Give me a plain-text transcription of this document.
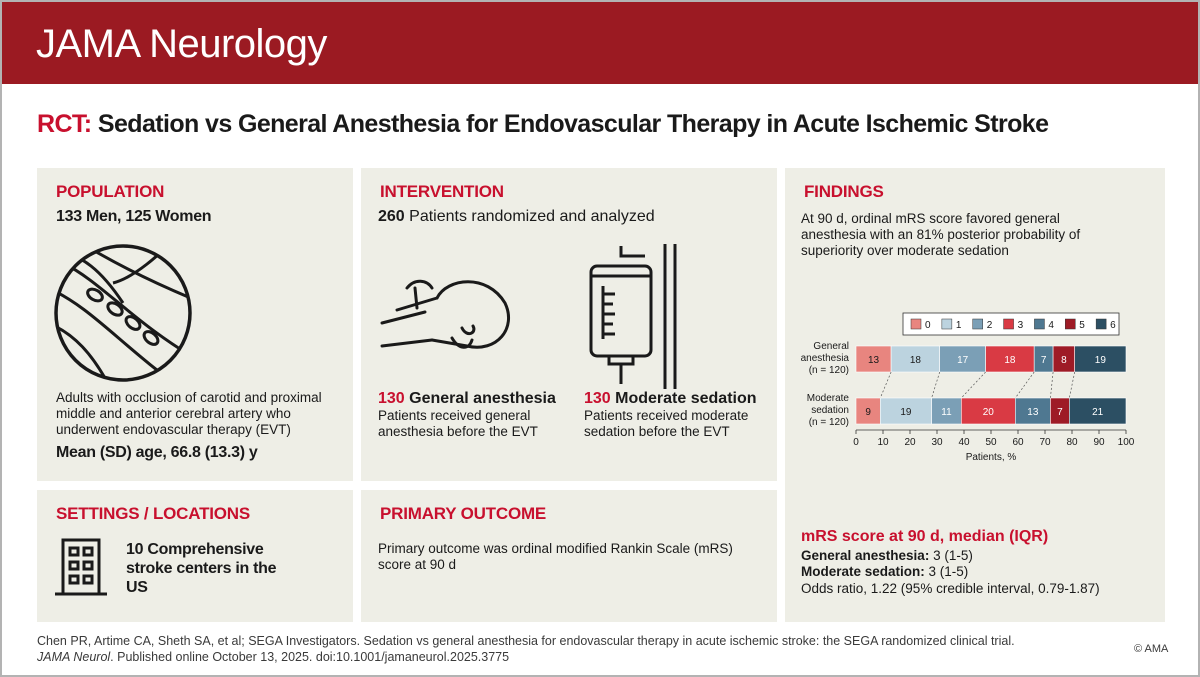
JAMA Neurology
RCT: Sedation vs General Anesthesia for Endovascular Therapy in Acute Ischemic Stroke
POPULATION
133 Men, 125 Women
Adults with occlusion of carotid and proximal middle and anterior cerebral artery who underwent endovascular therapy (EVT)
Mean (SD) age, 66.8 (13.3) y
INTERVENTION
260 Patients randomized and analyzed
130 General anesthesia
Patients received general anesthesia before the EVT
130 Moderate sedation
Patients received moderate sedation before the EVT
SETTINGS / LOCATIONS
10 Comprehensive stroke centers in the US
PRIMARY OUTCOME
Primary outcome was ordinal modified Rankin Scale (mRS) score at 90 d
FINDINGS
At 90 d, ordinal mRS score favored general anesthesia with an 81% posterior probability of superiority over moderate sedation
0	1	2	3	4	5	6
13	18	17	18	7 8	19
General
anesthesia
(n = 120)
9	19	11	20	13 7	21
Moderate
sedation
(n = 120)
0 10 20 30 40 50 60 70 80 90 100
Patients, %
mRS score at 90 d, median (IQR)
General anesthesia: 3 (1-5)
Moderate sedation: 3 (1-5)
Odds ratio, 1.22 (95% credible interval, 0.79-1.87)
Chen PR, Artime CA, Sheth SA, et al; SEGA Investigators. Sedation vs general anesthesia for endovascular therapy in acute ischemic stroke: the SEGA randomized clinical trial.
JAMA Neurol. Published online October 13, 2025. doi:10.1001/jamaneurol.2025.3775
© AMA
